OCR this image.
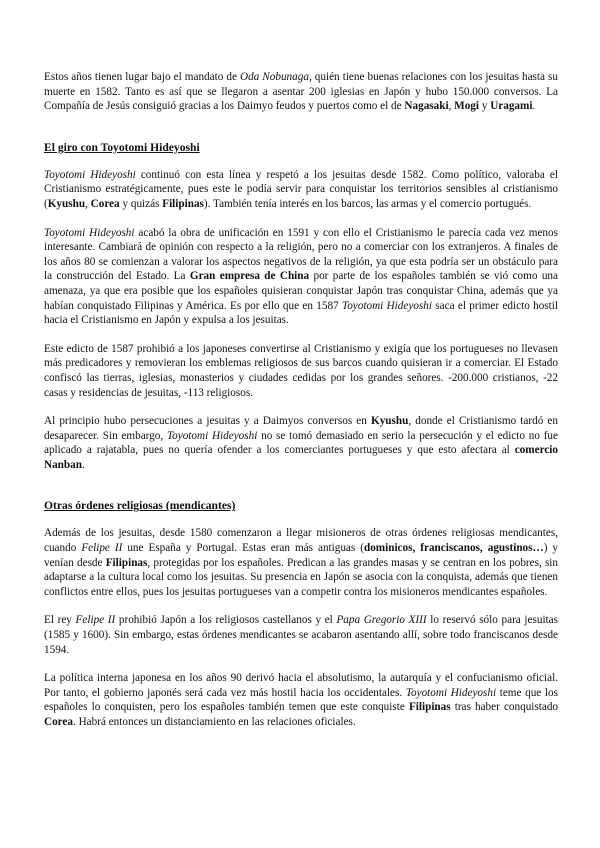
Estos años tienen lugar bajo el mandato de Oda Nobunaga, quién tiene buenas relaciones con los jesuitas hasta su muerte en 1582. Tanto es así que se llegaron a asentar 200 iglesias en Japón y hubo 150.000 conversos. La Compañía de Jesús consiguió gracias a los Daimyo feudos y puertos como el de Nagasaki, Mogi y Uragami.

El giro con Toyotomi Hideyoshi

Toyotomi Hideyoshi continuó con esta línea y respetó a los jesuitas desde 1582. Como político, valoraba el Cristianismo estratégicamente, pues este le podía servir para conquistar los territorios sensibles al cristianismo (Kyushu, Corea y quizás Filipinas). También tenía interés en los barcos, las armas y el comercio portugués.

Toyotomi Hideyoshi acabó la obra de unificación en 1591 y con ello el Cristianismo le parecía cada vez menos interesante. Cambiará de opinión con respecto a la religión, pero no a comerciar con los extranjeros. A finales de los años 80 se comienzan a valorar los aspectos negativos de la religión, ya que esta podría ser un obstáculo para la construcción del Estado. La Gran empresa de China por parte de los españoles también se vió como una amenaza, ya que era posible que los españoles quisieran conquistar Japón tras conquistar China, además que ya habían conquistado Filipinas y América. Es por ello que en 1587 Toyotomi Hideyoshi saca el primer edicto hostil hacia el Cristianismo en Japón y expulsa a los jesuitas.

Este edicto de 1587 prohibió a los japoneses convertirse al Cristianismo y exigía que los portugueses no llevasen más predicadores y removieran los emblemas religiosos de sus barcos cuando quisieran ir a comerciar. El Estado confiscó las tierras, iglesias, monasterios y ciudades cedidas por los grandes señores. -200.000 cristianos, -22 casas y residencias de jesuitas, -113 religiosos.

Al principio hubo persecuciones a jesuitas y a Daimyos conversos en Kyushu, donde el Cristianismo tardó en desaparecer. Sin embargo, Toyotomi Hideyoshi no se tomó demasiado en serio la persecución y el edicto no fue aplicado a rajatabla, pues no quería ofender a los comerciantes portugueses y que esto afectara al comercio Nanban.

Otras órdenes religiosas (mendicantes)

Además de los jesuitas, desde 1580 comenzaron a llegar misioneros de otras órdenes religiosas mendicantes, cuando Felipe II une España y Portugal. Estas eran más antiguas (dominicos, franciscanos, agustinos…) y venían desde Filipinas, protegidas por los españoles. Predican a las grandes masas y se centran en los pobres, sin adaptarse a la cultura local como los jesuitas. Su presencia en Japón se asocia con la conquista, además que tienen conflictos entre ellos, pues los jesuitas portugueses van a competir contra los misioneros mendicantes españoles.

El rey Felipe II prohibió Japón a los religiosos castellanos y el Papa Gregorio XIII lo reservó sólo para jesuitas (1585 y 1600). Sin embargo, estas órdenes mendicantes se acabaron asentando allí, sobre todo franciscanos desde 1594.

La política interna japonesa en los años 90 derivó hacia el absolutismo, la autarquía y el confucianismo oficial. Por tanto, el gobierno japonés será cada vez más hostil hacia los occidentales. Toyotomi Hideyoshi teme que los españoles lo conquisten, pero los españoles también temen que este conquiste Filipinas tras haber conquistado Corea. Habrá entonces un distanciamiento en las relaciones oficiales.
